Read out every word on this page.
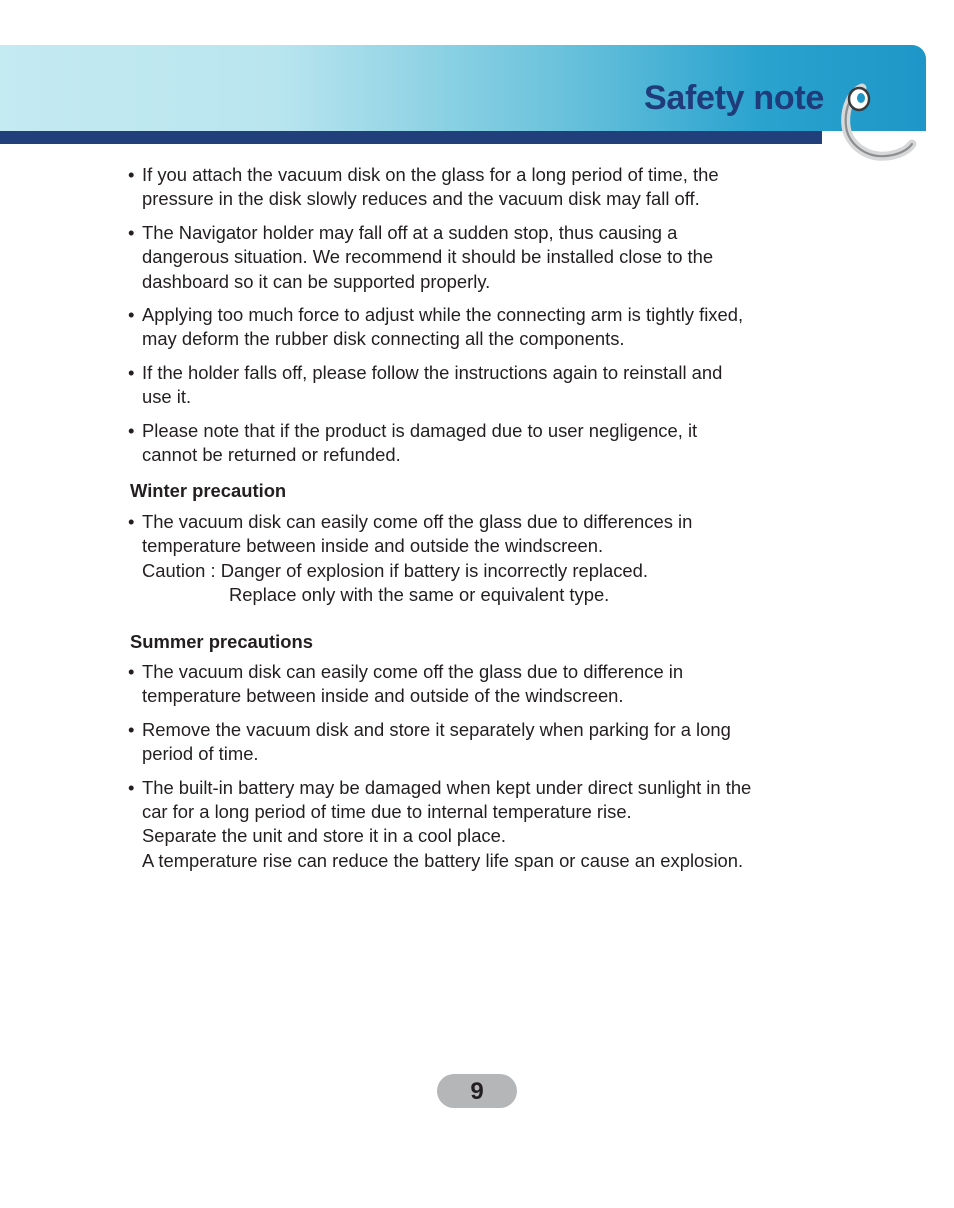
Safety note
• If you attach the vacuum disk on the glass for a long period of time, the pressure in the disk slowly reduces and the vacuum disk may fall off.

• The Navigator holder may fall off at a sudden stop, thus causing a dangerous situation. We recommend it should be installed close to the dashboard so it can be supported properly.

• Applying too much force to adjust while the connecting arm is tightly fixed, may deform the rubber disk connecting all the components.

• If the holder falls off, please follow the instructions again to reinstall and use it.

• Please note that if the product is damaged due to user negligence, it cannot be returned or refunded.

Winter precaution
• The vacuum disk can easily come off the glass due to differences in temperature between inside and outside the windscreen.

Caution : Danger of explosion if battery is incorrectly replaced.

Replace only with the same or equivalent type.

Summer precautions
• The vacuum disk can easily come off the glass due to difference in temperature between inside and outside of the windscreen.

• Remove the vacuum disk and store it separately when parking for a long period of time.

• The built-in battery may be damaged when kept under direct sunlight in the car for a long period of time due to internal temperature rise.

Separate the unit and store it in a cool place.

A temperature rise can reduce the battery life span or cause an explosion.

9
